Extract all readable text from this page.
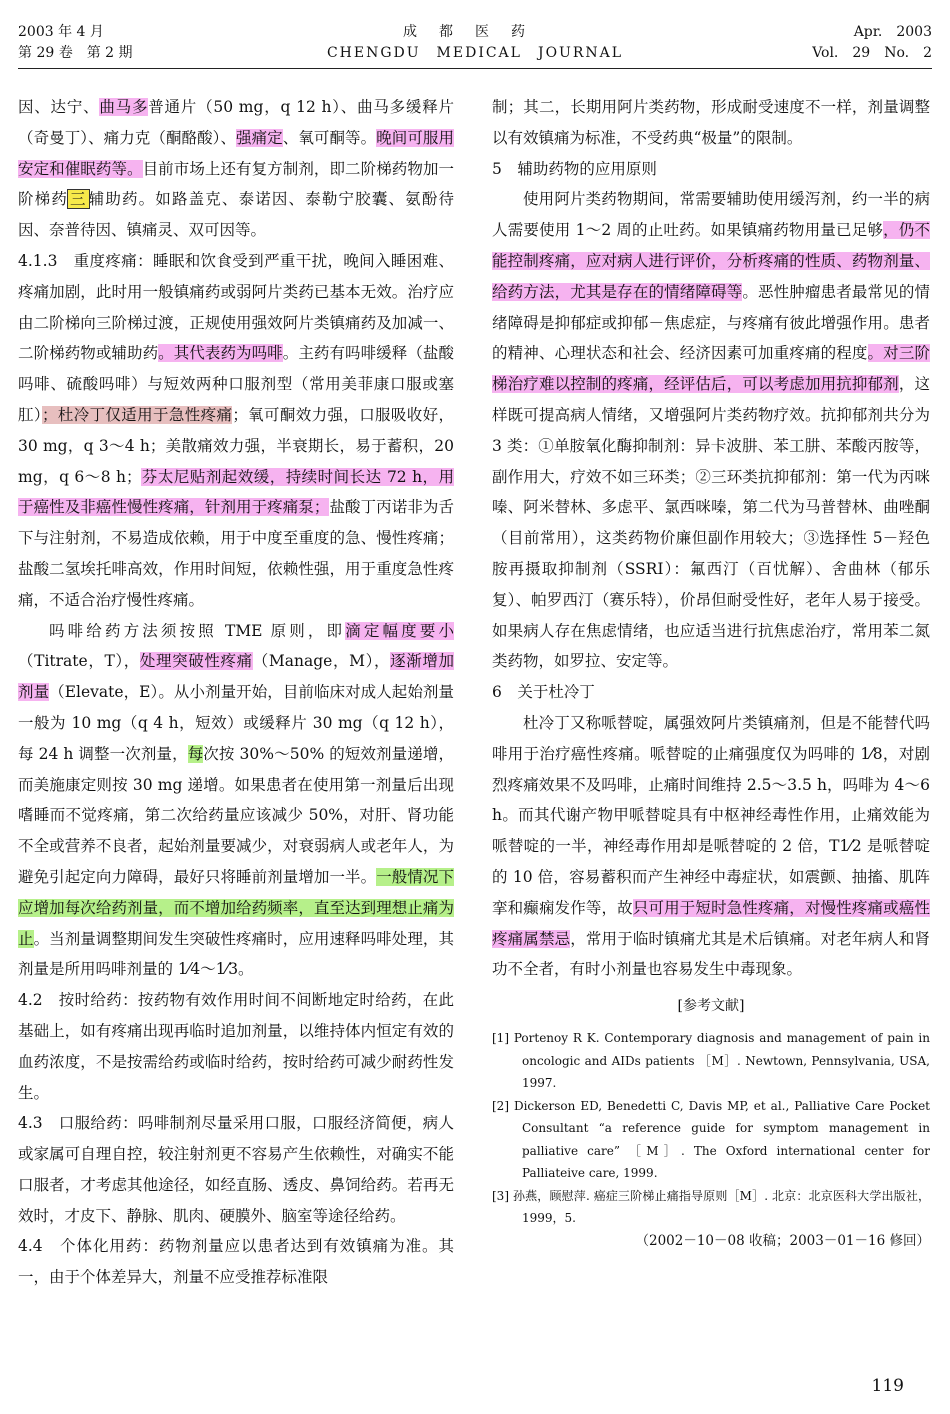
2003 年 4 月
第 29 卷　第 2 期
成都医药
CHENGDU　MEDICAL　JOURNAL
Apr.　2003
Vol.　29　No.　2

因、达宁、曲马多普通片（50 mg，q 12 h）、曲马多缓释片（奇曼丁）、痛力克（酮酪酸）、强痛定、氧可酮等。晚间可服用安定和催眠药等。目前市场上还有复方制剂，即二阶梯药物加一阶梯药 三 辅助药。如路盖克、泰诺因、泰勒宁胶囊、氨酚待因、奈普待因、镇痛灵、双可因等。

4.1.3　重度疼痛：睡眠和饮食受到严重干扰，晚间入睡困难、疼痛加剧，此时用一般镇痛药或弱阿片类药已基本无效。治疗应由二阶梯向三阶梯过渡，正规使用强效阿片类镇痛药及加减一、二阶梯药物或辅助药。其代表药为吗啡。主药有吗啡缓释（盐酸吗啡、硫酸吗啡）与短效两种口服剂型（常用美菲康口服或塞肛）；杜冷丁仅适用于急性疼痛；氧可酮效力强，口服吸收好，30 mg，q 3～4 h；美散痛效力强，半衰期长，易于蓄积，20 mg，q 6～8 h；芬太尼贴剂起效缓，持续时间长达 72 h，用于癌性及非癌性慢性疼痛，针剂用于疼痛泵；盐酸丁丙诺非为舌下与注射剂，不易造成依赖，用于中度至重度的急、慢性疼痛；盐酸二氢埃托啡高效，作用时间短，依赖性强，用于重度急性疼痛，不适合治疗慢性疼痛。

吗啡给药方法须按照 TME 原则，即滴定幅度要小（Titrate，T），处理突破性疼痛（Manage，M），逐渐增加剂量（Elevate，E）。从小剂量开始，目前临床对成人起始剂量一般为 10 mg（q 4 h，短效）或缓释片 30 mg（q 12 h），每 24 h 调整一次剂量，每次按 30%～50% 的短效剂量递增，而美施康定则按 30 mg 递增。如果患者在使用第一剂量后出现嗜睡而不觉疼痛，第二次给药量应该减少 50%，对肝、肾功能不全或营养不良者，起始剂量要减少，对衰弱病人或老年人，为避免引起定向力障碍，最好只将睡前剂量增加一半。一般情况下应增加每次给药剂量，而不增加给药频率，直至达到理想止痛为止。当剂量调整期间发生突破性疼痛时，应用速释吗啡处理，其剂量是所用吗啡剂量的 1⁄4～1⁄3。

4.2　按时给药：按药物有效作用时间不间断地定时给药，在此基础上，如有疼痛出现再临时追加剂量，以维持体内恒定有效的血药浓度，不是按需给药或临时给药，按时给药可减少耐药性发生。

4.3　口服给药：吗啡制剂尽量采用口服，口服经济简便，病人或家属可自理自控，较注射剂更不容易产生依赖性，对确实不能口服者，才考虑其他途径，如经直肠、透皮、鼻饲给药。若再无效时，才皮下、静脉、肌肉、硬膜外、脑室等途径给药。

4.4　个体化用药：药物剂量应以患者达到有效镇痛为准。其一，由于个体差异大，剂量不应受推荐标准限

制；其二，长期用阿片类药物，形成耐受速度不一样，剂量调整以有效镇痛为标准，不受药典“极量”的限制。

5　辅助药物的应用原则

使用阿片类药物期间，常需要辅助使用缓泻剂，约一半的病人需要使用 1～2 周的止吐药。如果镇痛药物用量已足够，仍不能控制疼痛，应对病人进行评价，分析疼痛的性质、药物剂量、给药方法，尤其是存在的情绪障碍等。恶性肿瘤患者最常见的情绪障碍是抑郁症或抑郁－焦虑症，与疼痛有彼此增强作用。患者的精神、心理状态和社会、经济因素可加重疼痛的程度。对三阶梯治疗难以控制的疼痛，经评估后，可以考虑加用抗抑郁剂，这样既可提高病人情绪，又增强阿片类药物疗效。抗抑郁剂共分为 3 类：①单胺氧化酶抑制剂：异卡波肼、苯工肼、苯酸丙胺等，副作用大，疗效不如三环类；②三环类抗抑郁剂：第一代为丙咪嗪、阿米替林、多虑平、氯西咪嗪，第二代为马普替林、曲唑酮（目前常用），这类药物价廉但副作用较大；③选择性 5－羟色胺再摄取抑制剂（SSRI）：氟西汀（百忧解）、舍曲林（郁乐复）、帕罗西汀（赛乐特），价昂但耐受性好，老年人易于接受。如果病人存在焦虑情绪，也应适当进行抗焦虑治疗，常用苯二氮　类药物，如罗拉、安定等。

6　关于杜冷丁

杜冷丁又称哌替啶，属强效阿片类镇痛剂，但是不能替代吗啡用于治疗癌性疼痛。哌替啶的止痛强度仅为吗啡的 1⁄8，对剧烈疼痛效果不及吗啡，止痛时间维持 2.5～3.5 h，吗啡为 4～6 h。而其代谢产物甲哌替啶具有中枢神经毒性作用，止痛效能为哌替啶的一半，神经毒作用却是哌替啶的 2 倍，T1⁄2 是哌替啶的 10 倍，容易蓄积而产生神经中毒症状，如震颤、抽搐、肌阵挛和癫痫发作等，故只可用于短时急性疼痛，对慢性疼痛或癌性疼痛属禁忌，常用于临时镇痛尤其是术后镇痛。对老年病人和肾功不全者，有时小剂量也容易发生中毒现象。

[参考文献]

[1] Portenoy R K. Contemporary diagnosis and management of pain in oncologic and AIDs patients ［M］. Newtown, Pennsylvania, USA, 1997.

[2] Dickerson ED, Benedetti C, Davis MP, et al., Palliative Care Pocket Consultant “a reference guide for symptom management in palliative care” ［M］. The Oxford international center for Palliateive care, 1999.

[3] 孙燕，顾慰萍. 癌症三阶梯止痛指导原则［M］. 北京：北京医科大学出版社，1999，5.

（2002－10－08 收稿；2003－01－16 修回）
119
